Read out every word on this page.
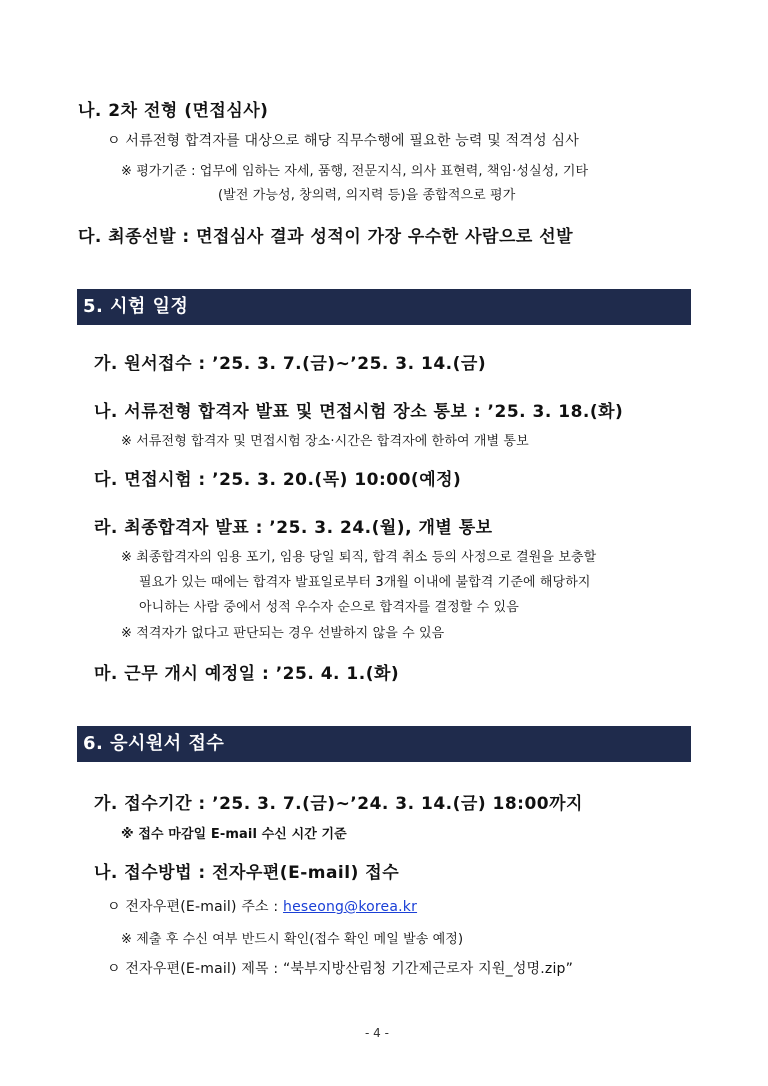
나. 2차 전형 (면접심사)
ㅇ 서류전형 합격자를 대상으로 해당 직무수행에 필요한 능력 및 적격성 심사
※ 평가기준 : 업무에 임하는 자세, 품행, 전문지식, 의사 표현력, 책임·성실성, 기타
(발전 가능성, 창의력, 의지력 등)을 종합적으로 평가
다. 최종선발 : 면접심사 결과 성적이 가장 우수한 사람으로 선발
5. 시험 일정
가. 원서접수 : ’25. 3. 7.(금)∼’25. 3. 14.(금)
나. 서류전형 합격자 발표 및 면접시험 장소 통보 : ’25. 3. 18.(화)
※ 서류전형 합격자 및 면접시험 장소·시간은 합격자에 한하여 개별 통보
다. 면접시험 : ’25. 3. 20.(목) 10:00(예정)
라. 최종합격자 발표 : ’25. 3. 24.(월), 개별 통보
※ 최종합격자의 임용 포기, 임용 당일 퇴직, 합격 취소 등의 사정으로 결원을 보충할
필요가 있는 때에는 합격자 발표일로부터 3개월 이내에 불합격 기준에 해당하지
아니하는 사람 중에서 성적 우수자 순으로 합격자를 결정할 수 있음
※ 적격자가 없다고 판단되는 경우 선발하지 않을 수 있음
마. 근무 개시 예정일 : ’25. 4. 1.(화)
6. 응시원서 접수
가. 접수기간 : ’25. 3. 7.(금)∼’24. 3. 14.(금) 18:00까지
※ 접수 마감일 E-mail 수신 시간 기준
나. 접수방법 : 전자우편(E-mail) 접수
ㅇ 전자우편(E-mail) 주소 : heseong@korea.kr
※ 제출 후 수신 여부 반드시 확인(접수 확인 메일 발송 예정)
ㅇ 전자우편(E-mail) 제목 : “북부지방산림청 기간제근로자 지원_성명.zip”
- 4 -
